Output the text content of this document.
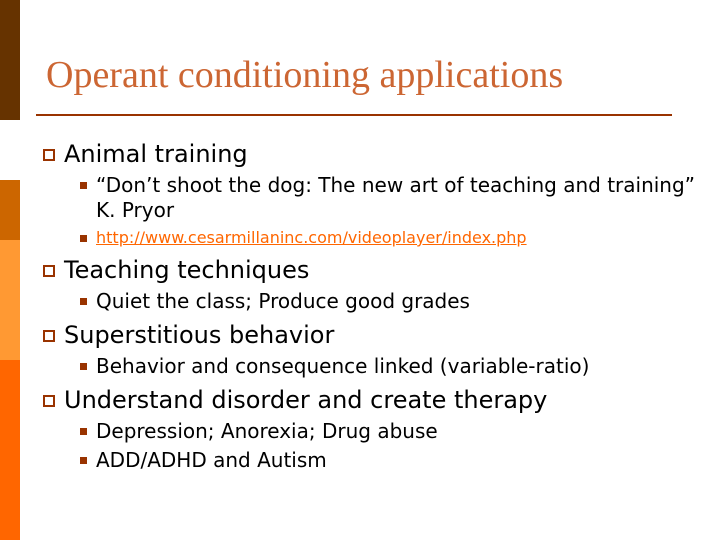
Operant conditioning applications
Animal training
“Don’t shoot the dog: The new art of teaching and training” K. Pryor
http://www.cesarmillaninc.com/videoplayer/index.php
Teaching techniques
Quiet the class; Produce good grades
Superstitious behavior
Behavior and consequence linked (variable-ratio)
Understand disorder and create therapy
Depression; Anorexia; Drug abuse
ADD/ADHD and Autism
